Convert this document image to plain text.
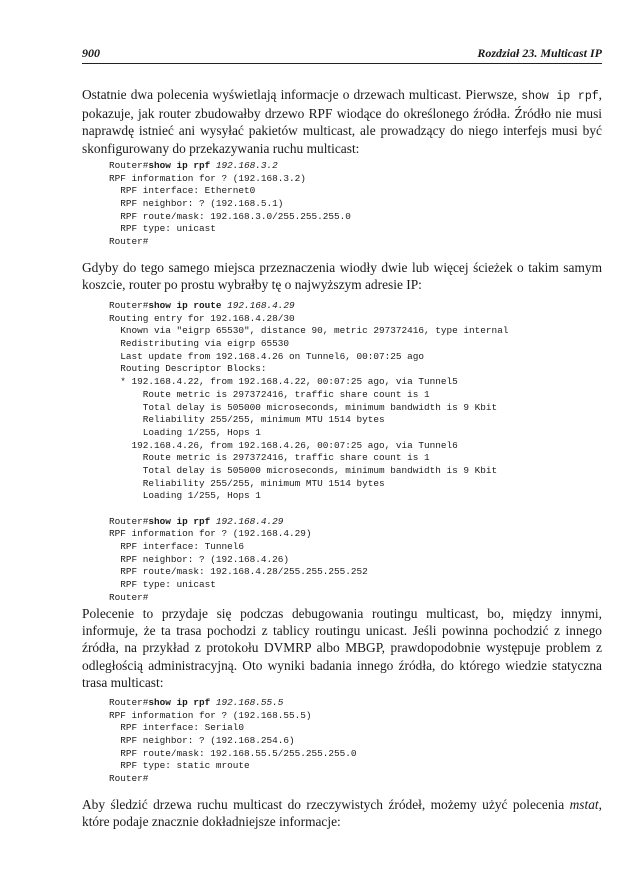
900	Rozdział 23. Multicast IP

Ostatnie dwa polecenia wyświetlają informacje o drzewach multicast. Pierwsze, show ip rpf, pokazuje, jak router zbudowałby drzewo RPF wiodące do określonego źródła. Źródło nie musi naprawdę istnieć ani wysyłać pakietów multicast, ale prowadzący do niego interfejs musi być skonfigurowany do przekazywania ruchu multicast:

Router#show ip rpf 192.168.3.2
RPF information for ? (192.168.3.2)
RPF interface: Ethernet0
RPF neighbor: ? (192.168.5.1)
RPF route/mask: 192.168.3.0/255.255.255.0
RPF type: unicast
Router#

Gdyby do tego samego miejsca przeznaczenia wiodły dwie lub więcej ścieżek o takim samym koszcie, router po prostu wybrałby tę o najwyższym adresie IP:

Router#show ip route 192.168.4.29
Routing entry for 192.168.4.28/30
Known via "eigrp 65530", distance 90, metric 297372416, type internal
Redistributing via eigrp 65530
Last update from 192.168.4.26 on Tunnel6, 00:07:25 ago
Routing Descriptor Blocks:
* 192.168.4.22, from 192.168.4.22, 00:07:25 ago, via Tunnel5
Route metric is 297372416, traffic share count is 1
Total delay is 505000 microseconds, minimum bandwidth is 9 Kbit
Reliability 255/255, minimum MTU 1514 bytes
Loading 1/255, Hops 1
192.168.4.26, from 192.168.4.26, 00:07:25 ago, via Tunnel6
Route metric is 297372416, traffic share count is 1
Total delay is 505000 microseconds, minimum bandwidth is 9 Kbit
Reliability 255/255, minimum MTU 1514 bytes
Loading 1/255, Hops 1
Router#show ip rpf 192.168.4.29
RPF information for ? (192.168.4.29)
RPF interface: Tunnel6
RPF neighbor: ? (192.168.4.26)
RPF route/mask: 192.168.4.28/255.255.255.252
RPF type: unicast
Router#

Polecenie to przydaje się podczas debugowania routingu multicast, bo, między innymi, informuje, że ta trasa pochodzi z tablicy routingu unicast. Jeśli powinna pochodzić z innego źródła, na przykład z protokołu DVMRP albo MBGP, prawdopodobnie występuje problem z odległością administracyjną. Oto wyniki badania innego źródła, do którego wiedzie statyczna trasa multicast:

Router#show ip rpf 192.168.55.5
RPF information for ? (192.168.55.5)
RPF interface: Serial0
RPF neighbor: ? (192.168.254.6)
RPF route/mask: 192.168.55.5/255.255.255.0
RPF type: static mroute
Router#

Aby śledzić drzewa ruchu multicast do rzeczywistych źródeł, możemy użyć polecenia mstat, które podaje znacznie dokładniejsze informacje:
